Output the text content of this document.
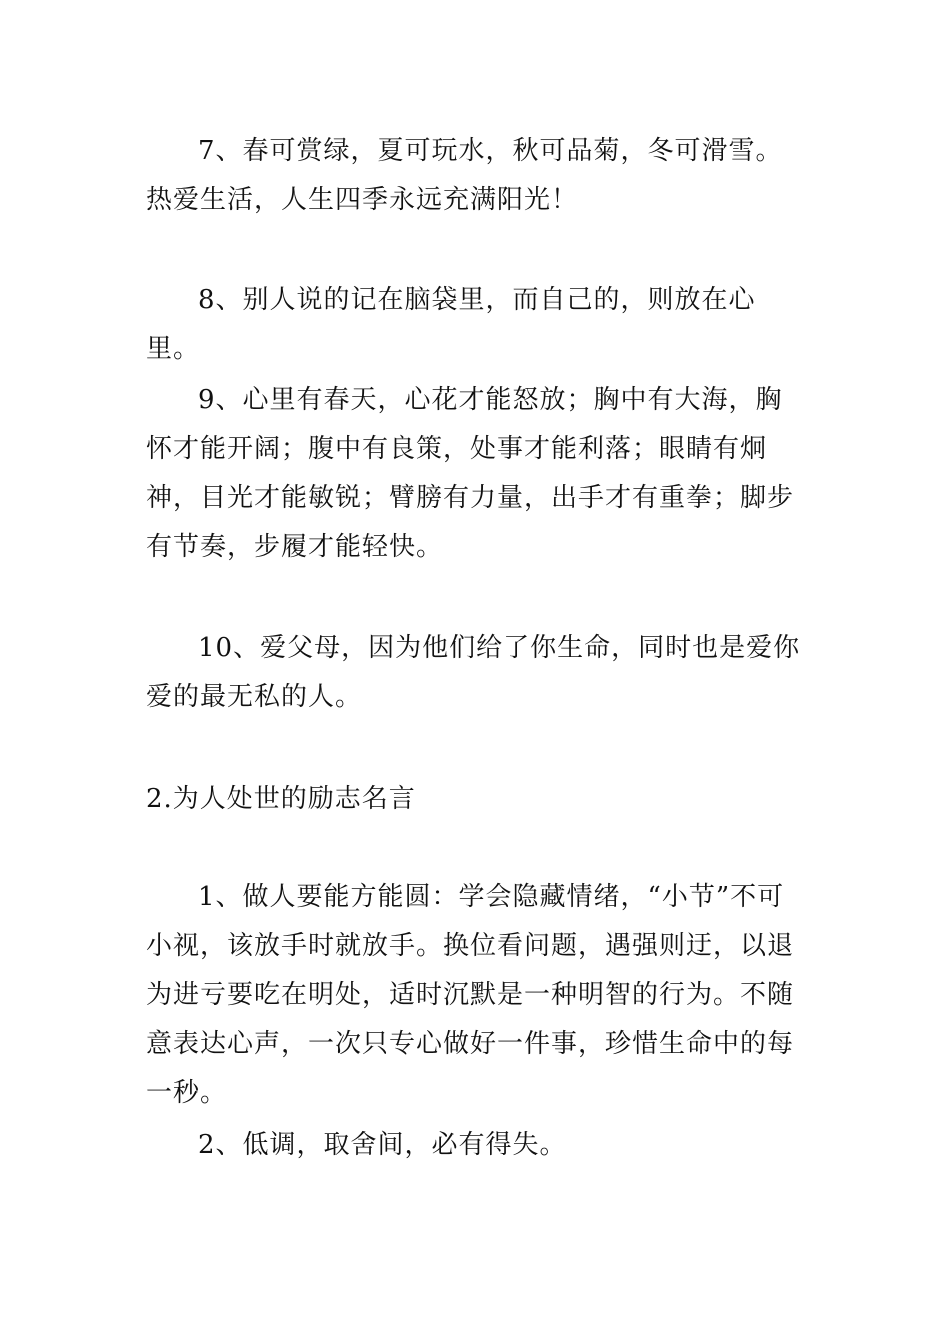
7、春可赏绿，夏可玩水，秋可品菊，冬可滑雪。热爱生活，人生四季永远充满阳光！

8、别人说的记在脑袋里，而自己的，则放在心里。

9、心里有春天，心花才能怒放；胸中有大海，胸怀才能开阔；腹中有良策，处事才能利落；眼睛有炯神，目光才能敏锐；臂膀有力量，出手才有重拳；脚步有节奏，步履才能轻快。

10、爱父母，因为他们给了你生命，同时也是爱你爱的最无私的人。

2.为人处世的励志名言

1、做人要能方能圆：学会隐藏情绪，“小节”不可小视，该放手时就放手。换位看问题，遇强则迂，以退为进亏要吃在明处，适时沉默是一种明智的行为。不随意表达心声，一次只专心做好一件事，珍惜生命中的每一秒。

2、低调，取舍间，必有得失。
